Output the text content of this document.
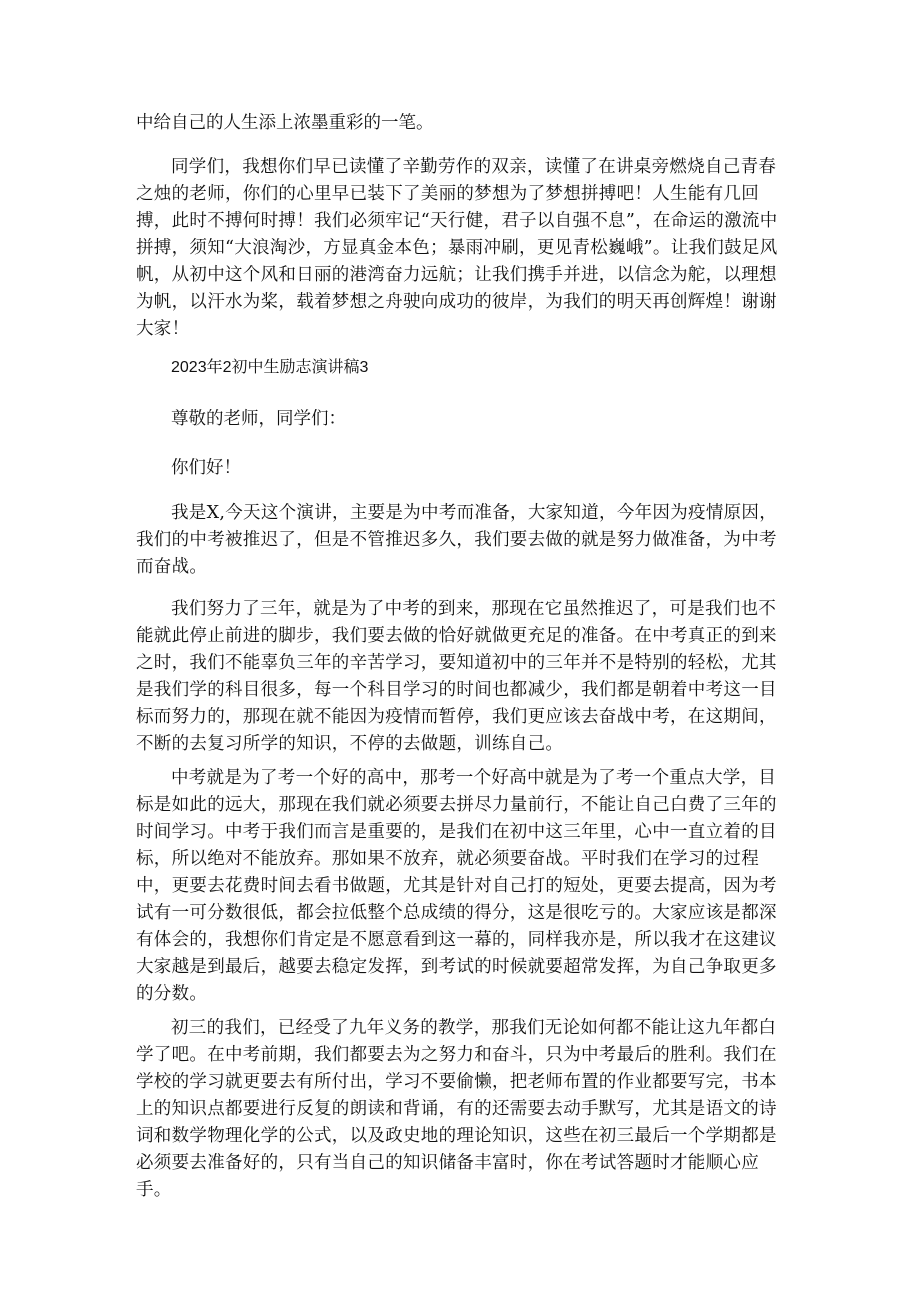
中给自己的人生添上浓墨重彩的一笔。
同学们，我想你们早已读懂了辛勤劳作的双亲，读懂了在讲桌旁燃烧自己青春之烛的老师，你们的心里早已装下了美丽的梦想为了梦想拼搏吧！人生能有几回搏，此时不搏何时搏！我们必须牢记“天行健，君子以自强不息”，在命运的激流中拼搏，须知“大浪淘沙，方显真金本色；暴雨冲刷，更见青松巍峨”。让我们鼓足风帆，从初中这个风和日丽的港湾奋力远航；让我们携手并进，以信念为舵，以理想为帆，以汗水为桨，载着梦想之舟驶向成功的彼岸，为我们的明天再创辉煌！谢谢大家！
2023年2初中生励志演讲稿3
尊敬的老师，同学们：
你们好！
我是X,今天这个演讲，主要是为中考而准备，大家知道，今年因为疫情原因，我们的中考被推迟了，但是不管推迟多久，我们要去做的就是努力做准备，为中考而奋战。
我们努力了三年，就是为了中考的到来，那现在它虽然推迟了，可是我们也不能就此停止前进的脚步，我们要去做的恰好就做更充足的准备。在中考真正的到来之时，我们不能辜负三年的辛苦学习，要知道初中的三年并不是特别的轻松，尤其是我们学的科目很多，每一个科目学习的时间也都减少，我们都是朝着中考这一目标而努力的，那现在就不能因为疫情而暂停，我们更应该去奋战中考，在这期间，不断的去复习所学的知识，不停的去做题，训练自己。
中考就是为了考一个好的高中，那考一个好高中就是为了考一个重点大学，目标是如此的远大，那现在我们就必须要去拼尽力量前行，不能让自己白费了三年的时间学习。中考于我们而言是重要的，是我们在初中这三年里，心中一直立着的目标，所以绝对不能放弃。那如果不放弃，就必须要奋战。平时我们在学习的过程中，更要去花费时间去看书做题，尤其是针对自己打的短处，更要去提高，因为考试有一可分数很低，都会拉低整个总成绩的得分，这是很吃亏的。大家应该是都深有体会的，我想你们肯定是不愿意看到这一幕的，同样我亦是，所以我才在这建议大家越是到最后，越要去稳定发挥，到考试的时候就要超常发挥，为自己争取更多的分数。
初三的我们，已经受了九年义务的教学，那我们无论如何都不能让这九年都白学了吧。在中考前期，我们都要去为之努力和奋斗，只为中考最后的胜利。我们在学校的学习就更要去有所付出，学习不要偷懒，把老师布置的作业都要写完，书本上的知识点都要进行反复的朗读和背诵，有的还需要去动手默写，尤其是语文的诗词和数学物理化学的公式，以及政史地的理论知识，这些在初三最后一个学期都是必须要去准备好的，只有当自己的知识储备丰富时，你在考试答题时才能顺心应手。
